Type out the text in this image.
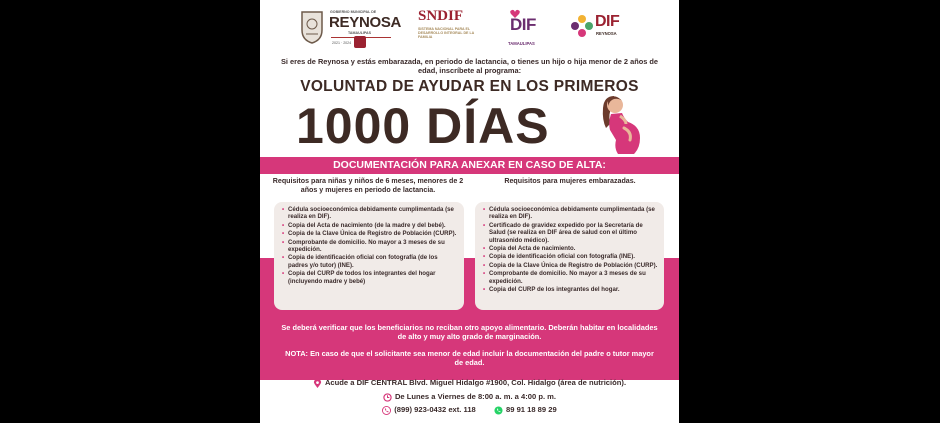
GOBIERNO MUNICIPAL DE
REYNOSA
TAMAULIPAS
2021 · 2024
SNDIF
SISTEMA NACIONAL PARA EL DESARROLLO INTEGRAL DE LA FAMILIA
DIF
TAMAULIPAS
DIF
REYNOSA
Si eres de Reynosa y estás embarazada, en periodo de lactancia, o tienes un hijo o hija menor de 2 años de edad, inscríbete al programa:
VOLUNTAD DE AYUDAR EN LOS PRIMEROS
1000 DÍAS
DOCUMENTACIÓN PARA ANEXAR EN CASO DE ALTA:
Requisitos para niñas y niños de 6 meses, menores de 2 años y mujeres en periodo de lactancia.
Requisitos para mujeres embarazadas.
• Cédula socioeconómica debidamente cumplimentada (se realiza en DIF).
• Copia del Acta de nacimiento (de la madre y del bebé).
• Copia de la Clave Única de Registro de Población (CURP).
• Comprobante de domicilio. No mayor a 3 meses de su expedición.
• Copia de identificación oficial con fotografía (de los padres y/o tutor) (INE).
• Copia del CURP de todos los integrantes del hogar (incluyendo madre y bebé)
• Cédula socioeconómica debidamente cumplimentada (se realiza en DIF).
• Certificado de gravidez expedido por la Secretaría de Salud (se realiza en DIF área de salud con el último ultrasonido médico).
• Copia del Acta de nacimiento.
• Copia de identificación oficial con fotografía (INE).
• Copia de la Clave Única de Registro de Población (CURP).
• Comprobante de domicilio. No mayor a 3 meses de su expedición.
• Copia del CURP de los integrantes del hogar.
Se deberá verificar que los beneficiarios no reciban otro apoyo alimentario. Deberán habitar en localidades de alto y muy alto grado de marginación.
NOTA: En caso de que el solicitante sea menor de edad incluir la documentación del padre o tutor mayor de edad.
Acude a DIF CENTRAL Blvd. Miguel Hidalgo #1900, Col. Hidalgo (área de nutrición).
De Lunes a Viernes de 8:00 a. m. a 4:00 p. m.
(899) 923-0432 ext. 118	89 91 18 89 29
